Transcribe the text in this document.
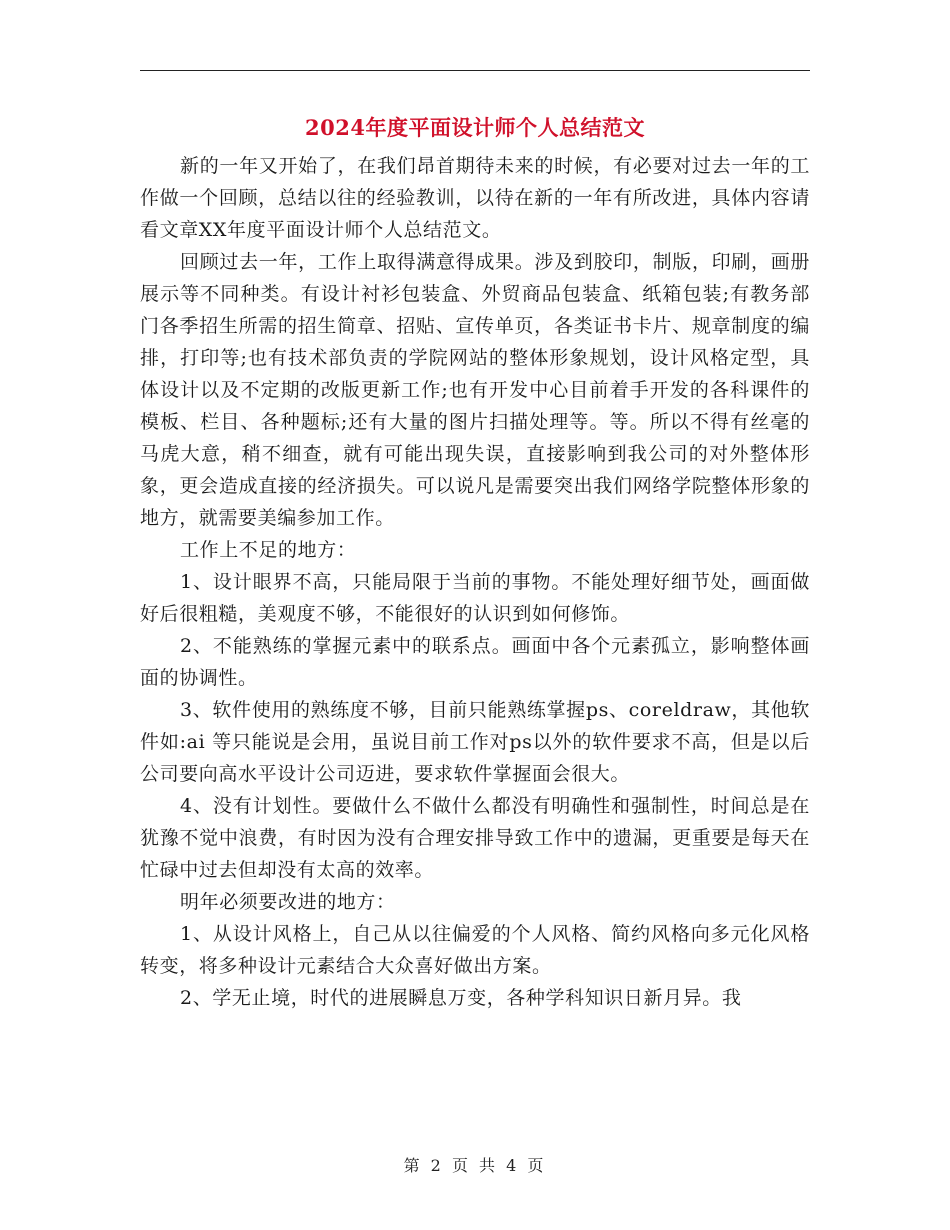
2024年度平面设计师个人总结范文

新的一年又开始了，在我们昂首期待未来的时候，有必要对过去一年的工作做一个回顾，总结以往的经验教训，以待在新的一年有所改进，具体内容请看文章XX年度平面设计师个人总结范文。

回顾过去一年，工作上取得满意得成果。涉及到胶印，制版，印刷，画册展示等不同种类。有设计衬衫包装盒、外贸商品包装盒、纸箱包装;有教务部门各季招生所需的招生简章、招贴、宣传单页，各类证书卡片、规章制度的编排，打印等;也有技术部负责的学院网站的整体形象规划，设计风格定型，具体设计以及不定期的改版更新工作;也有开发中心目前着手开发的各科课件的模板、栏目、各种题标;还有大量的图片扫描处理等。等。所以不得有丝毫的马虎大意，稍不细查，就有可能出现失误，直接影响到我公司的对外整体形象，更会造成直接的经济损失。可以说凡是需要突出我们网络学院整体形象的地方，就需要美编参加工作。

工作上不足的地方：

1、设计眼界不高，只能局限于当前的事物。不能处理好细节处，画面做好后很粗糙，美观度不够，不能很好的认识到如何修饰。

2、不能熟练的掌握元素中的联系点。画面中各个元素孤立，影响整体画面的协调性。

3、软件使用的熟练度不够，目前只能熟练掌握ps、coreldraw，其他软件如:ai 等只能说是会用，虽说目前工作对ps以外的软件要求不高，但是以后公司要向高水平设计公司迈进，要求软件掌握面会很大。

4、没有计划性。要做什么不做什么都没有明确性和强制性，时间总是在犹豫不觉中浪费，有时因为没有合理安排导致工作中的遗漏，更重要是每天在忙碌中过去但却没有太高的效率。

明年必须要改进的地方：

1、从设计风格上，自己从以往偏爱的个人风格、简约风格向多元化风格转变，将多种设计元素结合大众喜好做出方案。

2、学无止境，时代的进展瞬息万变，各种学科知识日新月异。我

第 2 页 共 4 页
